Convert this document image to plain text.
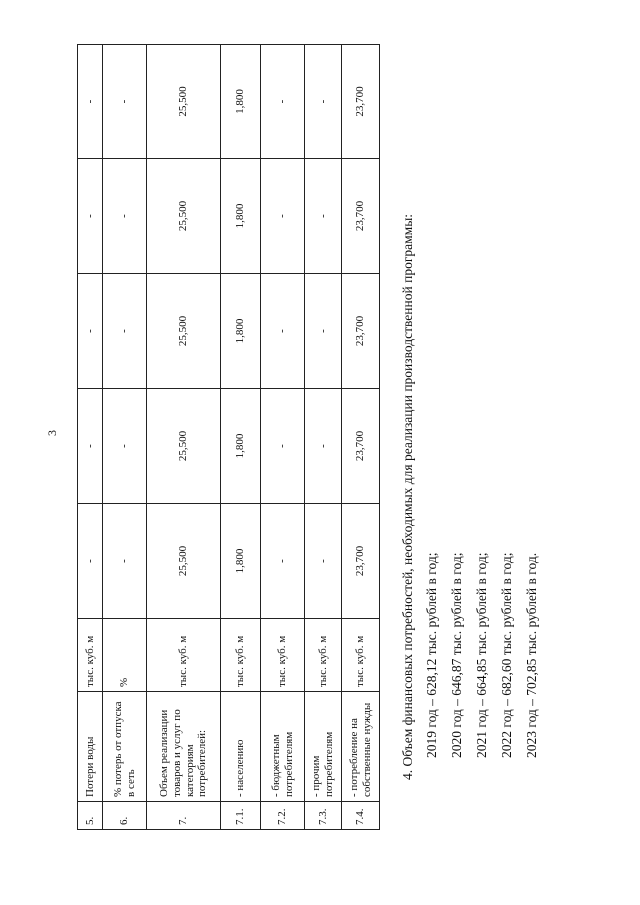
3
5.	Потери воды	тыс. куб. м	-	-	-	-	-
6.	% потерь от отпуска в сеть	%	-	-	-	-	-
7.	Объем реализации товаров и услуг по категориям потребителей:	тыс. куб. м	25,500	25,500	25,500	25,500	25,500
7.1.	- населению	тыс. куб. м	1,800	1,800	1,800	1,800	1,800
7.2.	- бюджетным потребителям	тыс. куб. м	-	-	-	-	-
7.3.	- прочим потребителям	тыс. куб. м	-	-	-	-	-
7.4.	- потребление на собственные нужды	тыс. куб. м	23,700	23,700	23,700	23,700	23,700

4. Объем финансовых потребностей, необходимых для реализации производственной программы: 2019 год – 628,12 тыс. рублей в год; 2020 год – 646,87 тыс. рублей в год; 2021 год – 664,85 тыс. рублей в год; 2022 год – 682,60 тыс. рублей в год; 2023 год – 702,85 тыс. рублей в год.
